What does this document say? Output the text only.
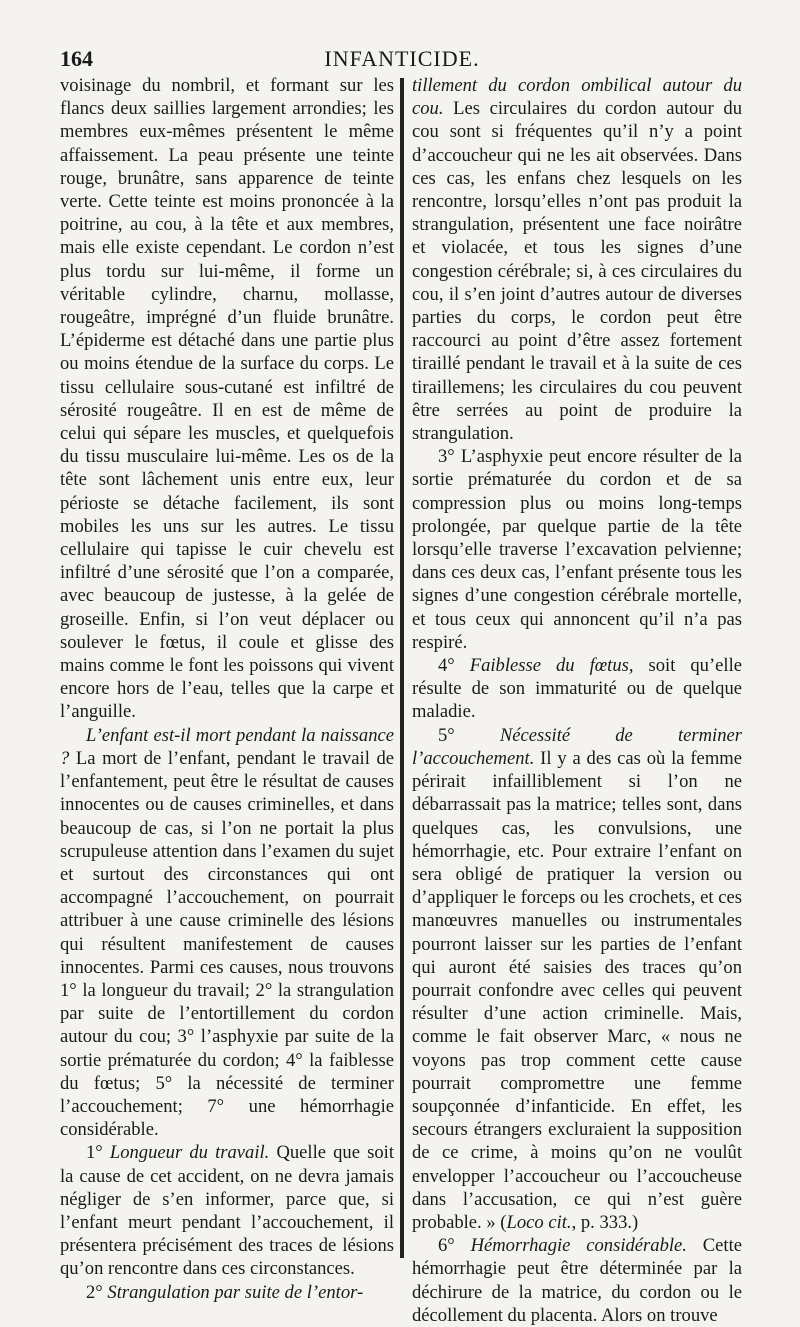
164	INFANTICIDE.

voisinage du nombril, et formant sur les flancs deux saillies largement arrondies; les membres eux-mêmes présentent le même affaissement. La peau présente une teinte rouge, brunâtre, sans apparence de teinte verte. Cette teinte est moins prononcée à la poitrine, au cou, à la tête et aux membres, mais elle existe cependant. Le cordon n’est plus tordu sur lui-même, il forme un véritable cylindre, charnu, mollasse, rougeâtre, imprégné d’un fluide brunâtre. L’épiderme est détaché dans une partie plus ou moins étendue de la surface du corps. Le tissu cellulaire sous-cutané est infiltré de sérosité rougeâtre. Il en est de même de celui qui sépare les muscles, et quelquefois du tissu musculaire lui-même. Les os de la tête sont lâchement unis entre eux, leur périoste se détache facilement, ils sont mobiles les uns sur les autres. Le tissu cellulaire qui tapisse le cuir chevelu est infiltré d’une sérosité que l’on a comparée, avec beaucoup de justesse, à la gelée de groseille. Enfin, si l’on veut déplacer ou soulever le fœtus, il coule et glisse des mains comme le font les poissons qui vivent encore hors de l’eau, telles que la carpe et l’anguille.

L’enfant est-il mort pendant la naissance ? La mort de l’enfant, pendant le travail de l’enfantement, peut être le résultat de causes innocentes ou de causes criminelles, et dans beaucoup de cas, si l’on ne portait la plus scrupuleuse attention dans l’examen du sujet et surtout des circonstances qui ont accompagné l’accouchement, on pourrait attribuer à une cause criminelle des lésions qui résultent manifestement de causes innocentes. Parmi ces causes, nous trouvons 1° la longueur du travail; 2° la strangulation par suite de l’entortillement du cordon autour du cou; 3° l’asphyxie par suite de la sortie prématurée du cordon; 4° la faiblesse du fœtus; 5° la nécessité de terminer l’accouchement; 7° une hémorrhagie considérable.

1° Longueur du travail. Quelle que soit la cause de cet accident, on ne devra jamais négliger de s’en informer, parce que, si l’enfant meurt pendant l’accouchement, il présentera précisément des traces de lésions qu’on rencontre dans ces circonstances.

2° Strangulation par suite de l’entor-

tillement du cordon ombilical autour du cou. Les circulaires du cordon autour du cou sont si fréquentes qu’il n’y a point d’accoucheur qui ne les ait observées. Dans ces cas, les enfans chez lesquels on les rencontre, lorsqu’elles n’ont pas produit la strangulation, présentent une face noirâtre et violacée, et tous les signes d’une congestion cérébrale; si, à ces circulaires du cou, il s’en joint d’autres autour de diverses parties du corps, le cordon peut être raccourci au point d’être assez fortement tiraillé pendant le travail et à la suite de ces tiraillemens; les circulaires du cou peuvent être serrées au point de produire la strangulation.

3° L’asphyxie peut encore résulter de la sortie prématurée du cordon et de sa compression plus ou moins long-temps prolongée, par quelque partie de la tête lorsqu’elle traverse l’excavation pelvienne; dans ces deux cas, l’enfant présente tous les signes d’une congestion cérébrale mortelle, et tous ceux qui annoncent qu’il n’a pas respiré.

4° Faiblesse du fœtus, soit qu’elle résulte de son immaturité ou de quelque maladie.

5° Nécessité de terminer l’accouchement. Il y a des cas où la femme périrait infailliblement si l’on ne débarrassait pas la matrice; telles sont, dans quelques cas, les convulsions, une hémorrhagie, etc. Pour extraire l’enfant on sera obligé de pratiquer la version ou d’appliquer le forceps ou les crochets, et ces manœuvres manuelles ou instrumentales pourront laisser sur les parties de l’enfant qui auront été saisies des traces qu’on pourrait confondre avec celles qui peuvent résulter d’une action criminelle. Mais, comme le fait observer Marc, « nous ne voyons pas trop comment cette cause pourrait compromettre une femme soupçonnée d’infanticide. En effet, les secours étrangers excluraient la supposition de ce crime, à moins qu’on ne voulût envelopper l’accoucheur ou l’accoucheuse dans l’accusation, ce qui n’est guère probable. » (Loco cit., p. 333.)

6° Hémorrhagie considérable. Cette hémorrhagie peut être déterminée par la déchirure de la matrice, du cordon ou le décollement du placenta. Alors on trouve
